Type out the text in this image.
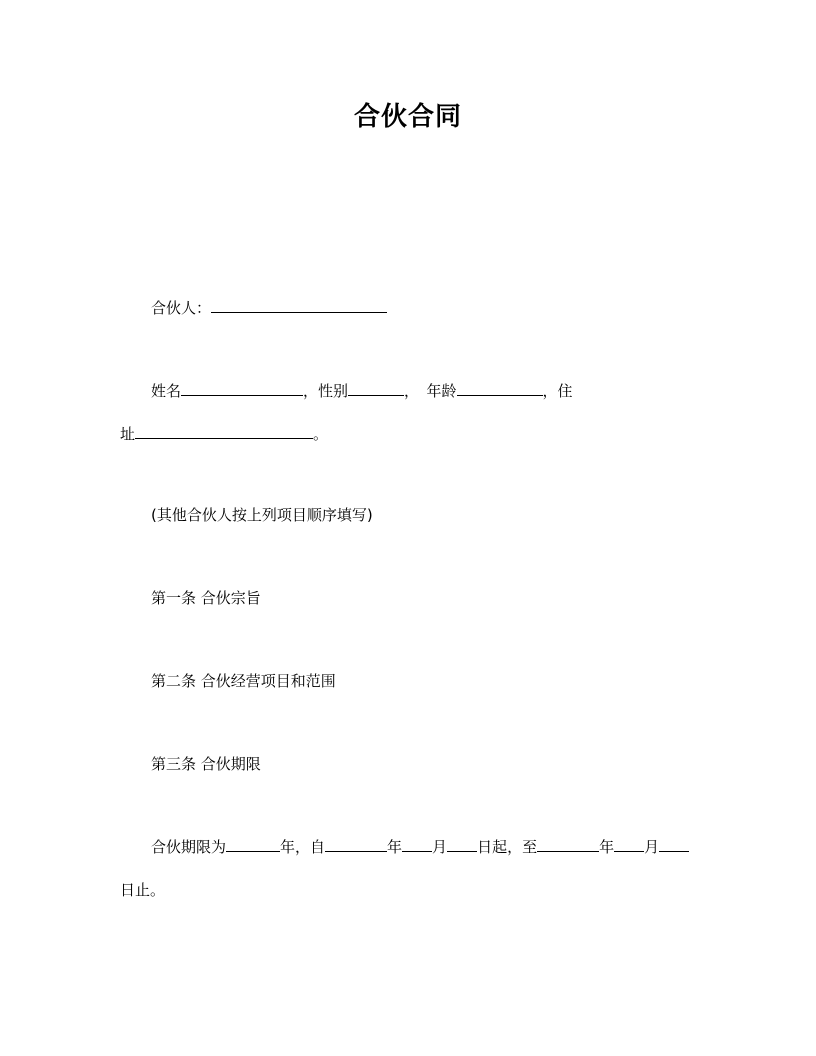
合伙合同
合伙人：
姓名	，性别	，　年龄	，住
址	。
(其他合伙人按上列项目顺序填写)
第一条 合伙宗旨
第二条 合伙经营项目和范围
第三条 合伙期限
合伙期限为	年，自	年 月 日起，至	年 月
日止。
